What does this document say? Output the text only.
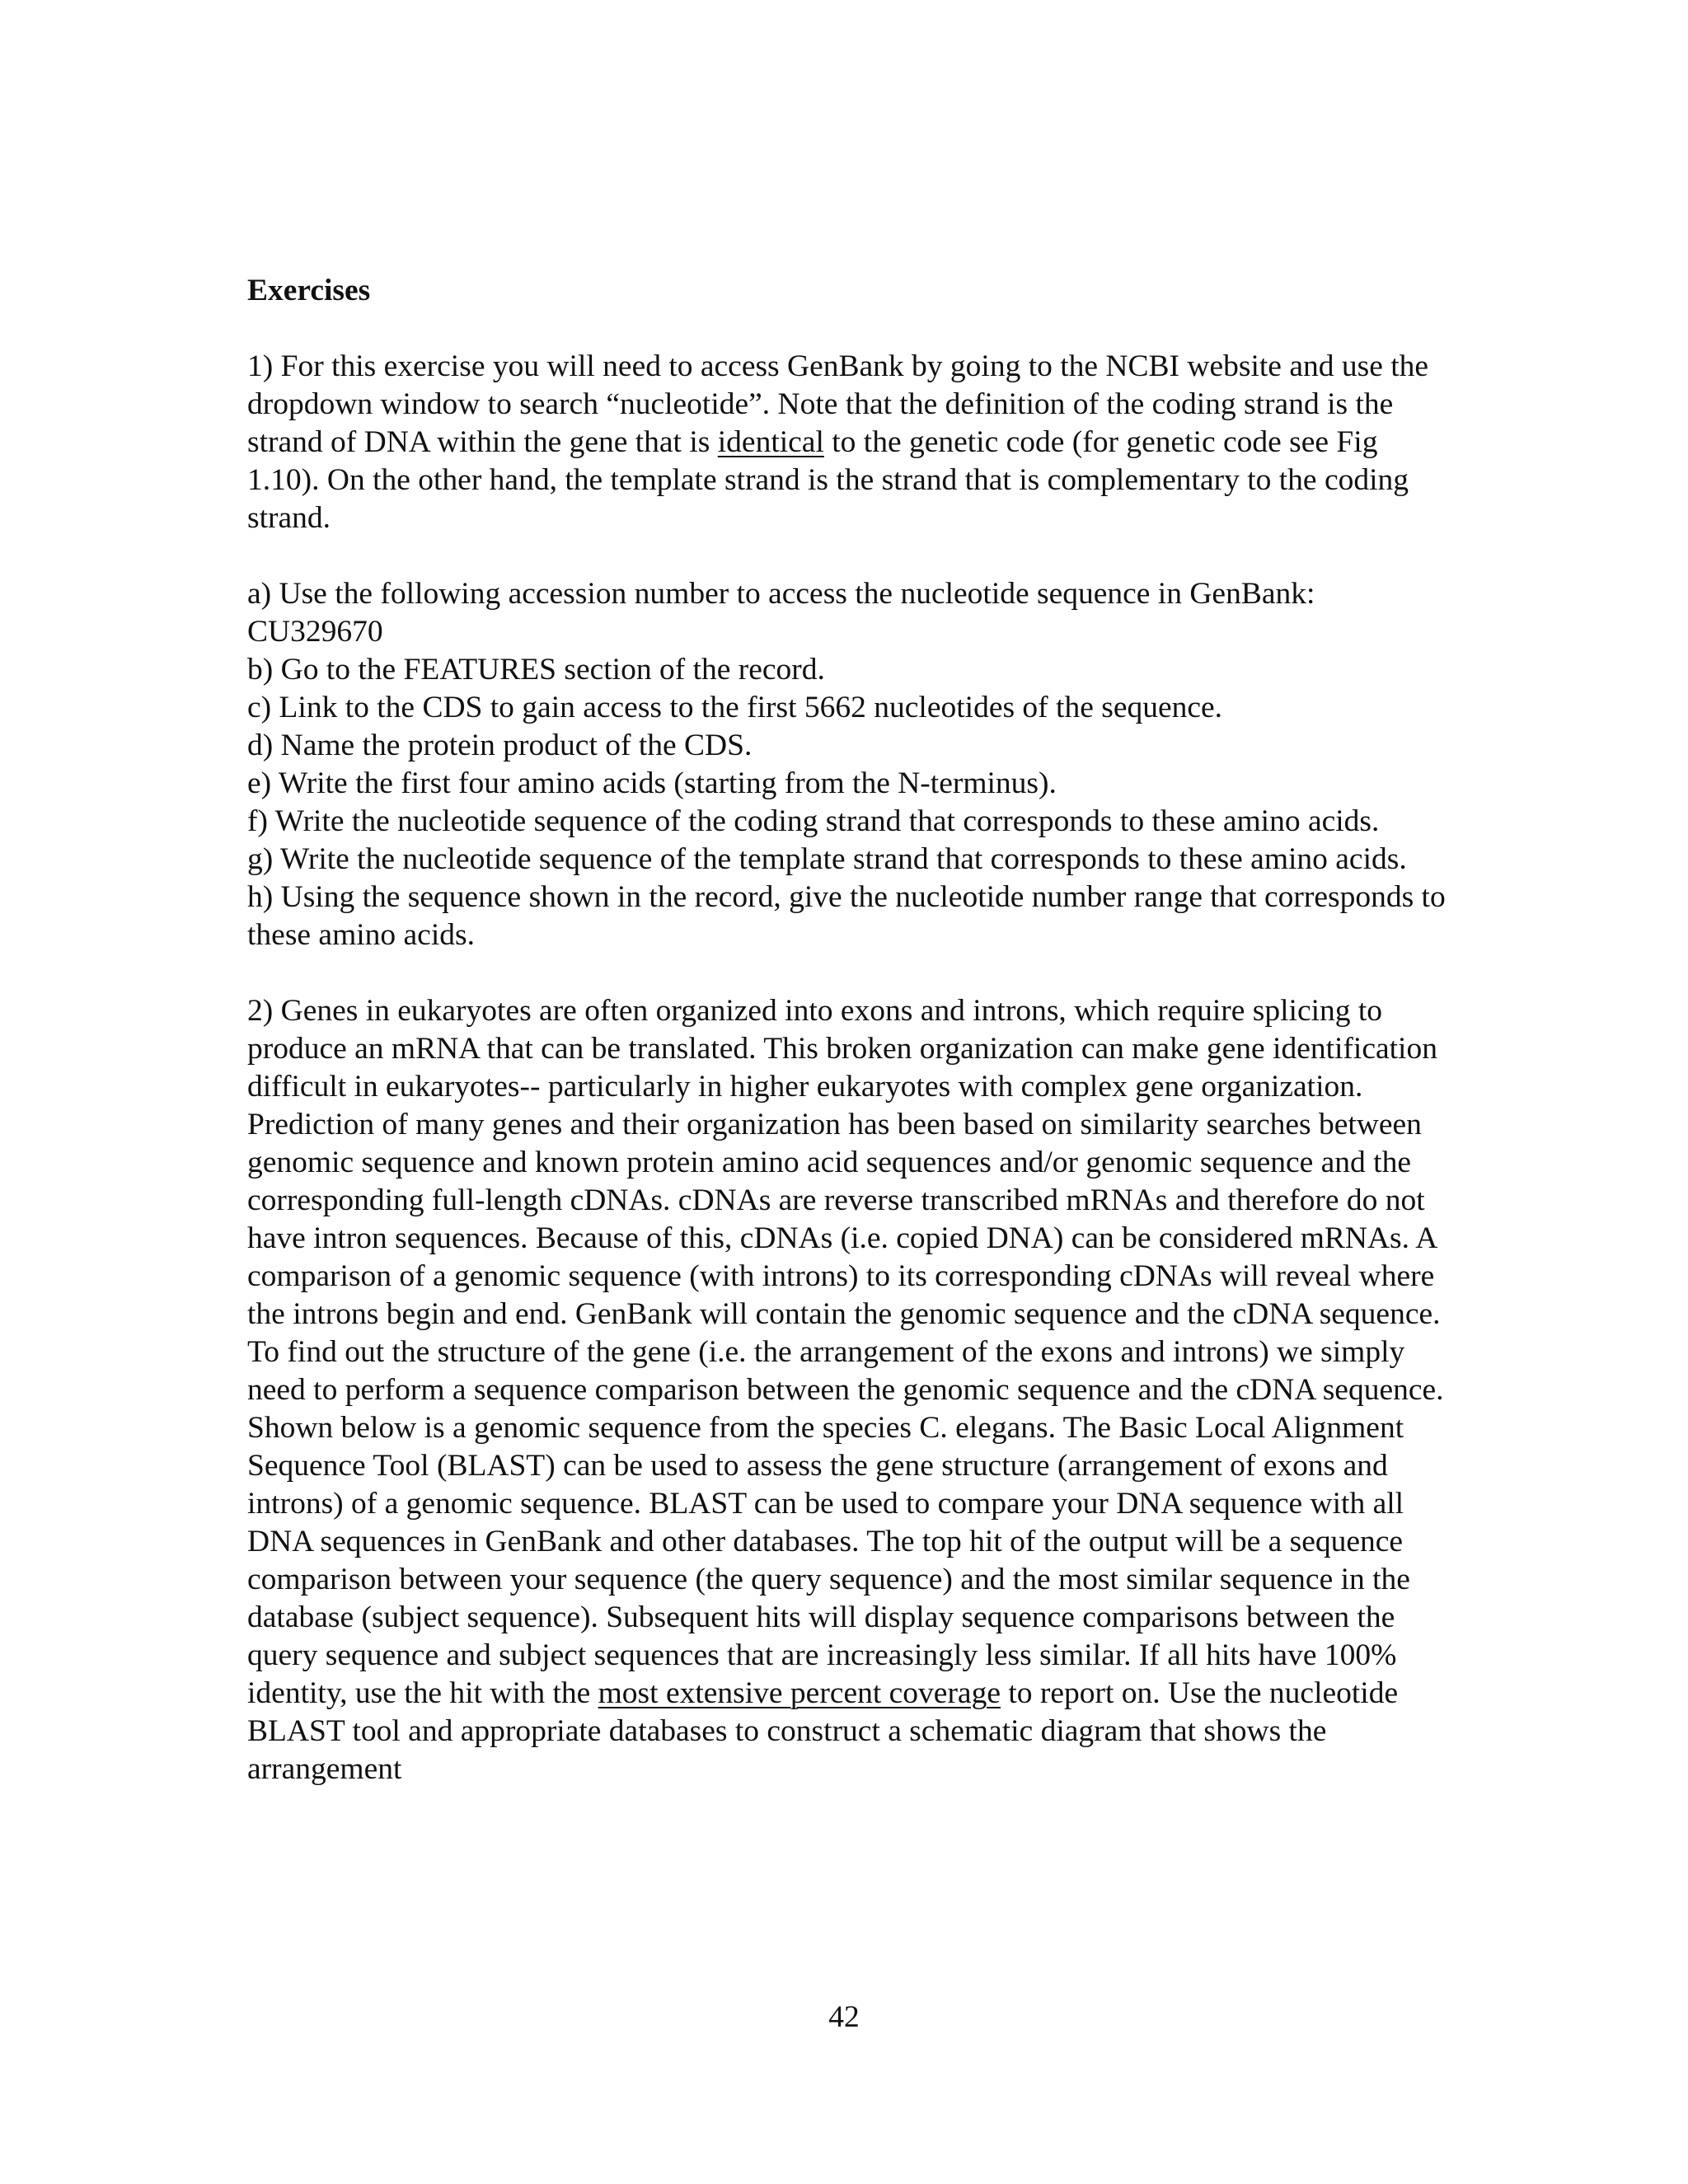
Exercises
1) For this exercise you will need to access GenBank by going to the NCBI website and use the dropdown window to search “nucleotide”. Note that the definition of the coding strand is the strand of DNA within the gene that is identical to the genetic code (for genetic code see Fig 1.10). On the other hand, the template strand is the strand that is complementary to the coding strand.
a) Use the following accession number to access the nucleotide sequence in GenBank: CU329670
b) Go to the FEATURES section of the record.
c) Link to the CDS to gain access to the first 5662 nucleotides of the sequence.
d) Name the protein product of the CDS.
e) Write the first four amino acids (starting from the N-terminus).
f) Write the nucleotide sequence of the coding strand that corresponds to these amino acids.
g) Write the nucleotide sequence of the template strand that corresponds to these amino acids.
h) Using the sequence shown in the record, give the nucleotide number range that corresponds to these amino acids.
2) Genes in eukaryotes are often organized into exons and introns, which require splicing to produce an mRNA that can be translated. This broken organization can make gene identification difficult in eukaryotes-- particularly in higher eukaryotes with complex gene organization. Prediction of many genes and their organization has been based on similarity searches between genomic sequence and known protein amino acid sequences and/or genomic sequence and the corresponding full-length cDNAs. cDNAs are reverse transcribed mRNAs and therefore do not have intron sequences. Because of this, cDNAs (i.e. copied DNA) can be considered mRNAs. A comparison of a genomic sequence (with introns) to its corresponding cDNAs will reveal where the introns begin and end. GenBank will contain the genomic sequence and the cDNA sequence. To find out the structure of the gene (i.e. the arrangement of the exons and introns) we simply need to perform a sequence comparison between the genomic sequence and the cDNA sequence. Shown below is a genomic sequence from the species C. elegans. The Basic Local Alignment Sequence Tool (BLAST) can be used to assess the gene structure (arrangement of exons and introns) of a genomic sequence. BLAST can be used to compare your DNA sequence with all DNA sequences in GenBank and other databases. The top hit of the output will be a sequence comparison between your sequence (the query sequence) and the most similar sequence in the database (subject sequence). Subsequent hits will display sequence comparisons between the query sequence and subject sequences that are increasingly less similar. If all hits have 100% identity, use the hit with the most extensive percent coverage to report on. Use the nucleotide BLAST tool and appropriate databases to construct a schematic diagram that shows the arrangement
42
